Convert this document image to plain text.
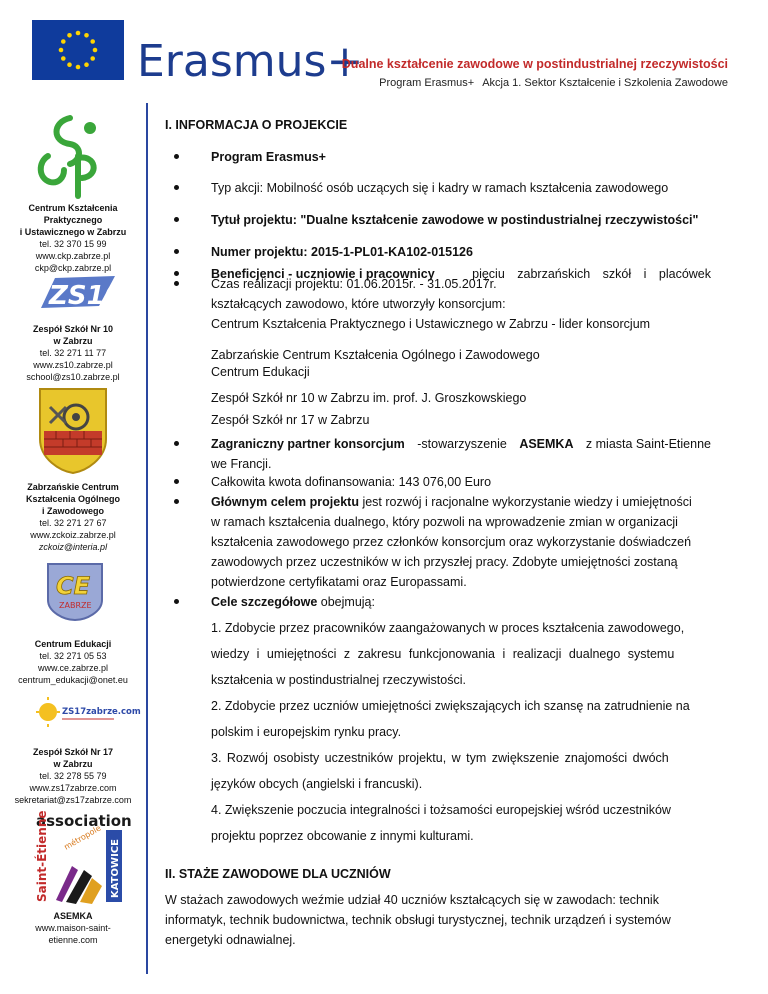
Erasmus+
Dualne kształcenie zawodowe w postindustrialnej rzeczywistości
Program Erasmus+ Akcja 1. Sektor Kształcenie i Szkolenia Zawodowe
Centrum Kształcenia
Praktycznego
i Ustawicznego w Zabrzu
tel. 32 370 15 99
www.ckp.zabrze.pl
ckp@ckp.zabrze.pl
ZS10
Zespół Szkół Nr 10
w Zabrzu
tel. 32 271 11 77
www.zs10.zabrze.pl
school@zs10.zabrze.pl
Zabrzańskie Centrum
Kształcenia Ogólnego
i Zawodowego
tel. 32 271 27 67
www.zckoiz.zabrze.pl
zckoiz@interia.pl
CE
ZABRZE
Centrum Edukacji
tel. 32 271 05 53
www.ce.zabrze.pl
centrum_edukacji@onet.eu
ZS17zabrze.com
Zespół Szkół Nr 17
w Zabrzu
tel. 32 278 55 79
www.zs17zabrze.com
sekretariat@zs17zabrze.com
association
Saint-Étienne	KATOWICE
métropole
ASEMKA
www.maison-saint-
etienne.com
Centrum Kształcenia Praktycznego i Ustawicznego w Zabrzu - lider konsorcjum
Zabrzańskie Centrum Kształcenia Ogólnego i Zawodowego
Centrum Edukacji
Zespół Szkół nr 10 w Zabrzu im. prof. J. Groszkowskiego
Zespół Szkół nr 17 w Zabrzu
Zagraniczny partner konsorcjum -stowarzyszenie ASEMKA z miasta Saint-Etienne
we Francji.
Całkowita kwota dofinansowania: 143 076,00 Euro
Głównym celem projektu jest rozwój i racjonalne wykorzystanie wiedzy i umiejętności
w ramach kształcenia dualnego, który pozwoli na wprowadzenie zmian w organizacji
kształcenia zawodowego przez członków konsorcjum oraz wykorzystanie doświadczeń
zawodowych przez uczestników w ich przyszłej pracy. Zdobyte umiejętności zostaną
potwierdzone certyfikatami oraz Europassami.
Cele szczegółowe obejmują:
1. Zdobycie przez pracowników zaangażowanych w proces kształcenia zawodowego,
wiedzy i umiejętności z zakresu funkcjonowania i realizacji dualnego systemu
kształcenia w postindustrialnej rzeczywistości.
2. Zdobycie przez uczniów umiejętności zwiększających ich szansę na zatrudnienie na
polskim i europejskim rynku pracy.
3. Rozwój osobisty uczestników projektu, w tym zwiększenie znajomości dwóch
języków obcych (angielski i francuski).
4. Zwiększenie poczucia integralności i tożsamości europejskiej wśród uczestników
projektu poprzez obcowanie z innymi kulturami.
II. STAŻE ZAWODOWE DLA UCZNIÓW
W stażach zawodowych weźmie udział 40 uczniów kształcących się w zawodach: technik
informatyk, technik budownictwa, technik obsługi turystycznej, technik urządzeń i systemów
energetyki odnawialnej.
I. INFORMACJA O PROJEKCIE
Program Erasmus+
Typ akcji: Mobilność osób uczących się i kadry w ramach kształcenia zawodowego
Tytuł projektu: "Dualne kształcenie zawodowe w postindustrialnej rzeczywistości"
Numer projektu: 2015-1-PL01-KA102-015126
Czas realizacji projektu: 01.06.2015r. - 31.05.2017r.
Beneficjenci - uczniowie i pracownicy	pięciu zabrzańskich szkół i placówek
kształcących zawodowo, które utworzyły konsorcjum:
